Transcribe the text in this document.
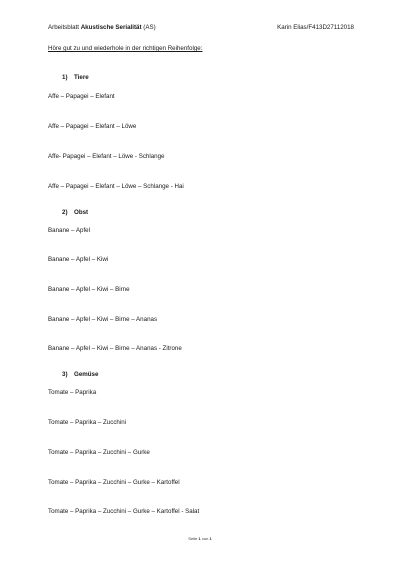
Arbeitsblatt Akustische Serialität (AS)	Karin Elias/F413D27112018
Höre gut zu und wiederhole in der richtigen Reihenfolge:
1) Tiere
Affe – Papagei – Elefant
Affe – Papagei – Elefant – Löwe
Affe- Papagei – Elefant – Löwe - Schlange
Affe – Papagei – Elefant – Löwe – Schlange - Hai
2) Obst
Banane – Apfel
Banane – Apfel – Kiwi
Banane – Apfel – Kiwi – Birne
Banane – Apfel – Kiwi – Birne – Ananas
Banane – Apfel – Kiwi – Birne – Ananas - Zitrone
3) Gemüse
Tomate – Paprika
Tomate – Paprika – Zucchini
Tomate – Paprika – Zucchini – Gurke
Tomate – Paprika – Zucchini – Gurke – Kartoffel
Tomate – Paprika – Zucchini – Gurke – Kartoffel - Salat
Seite 1 von 1
